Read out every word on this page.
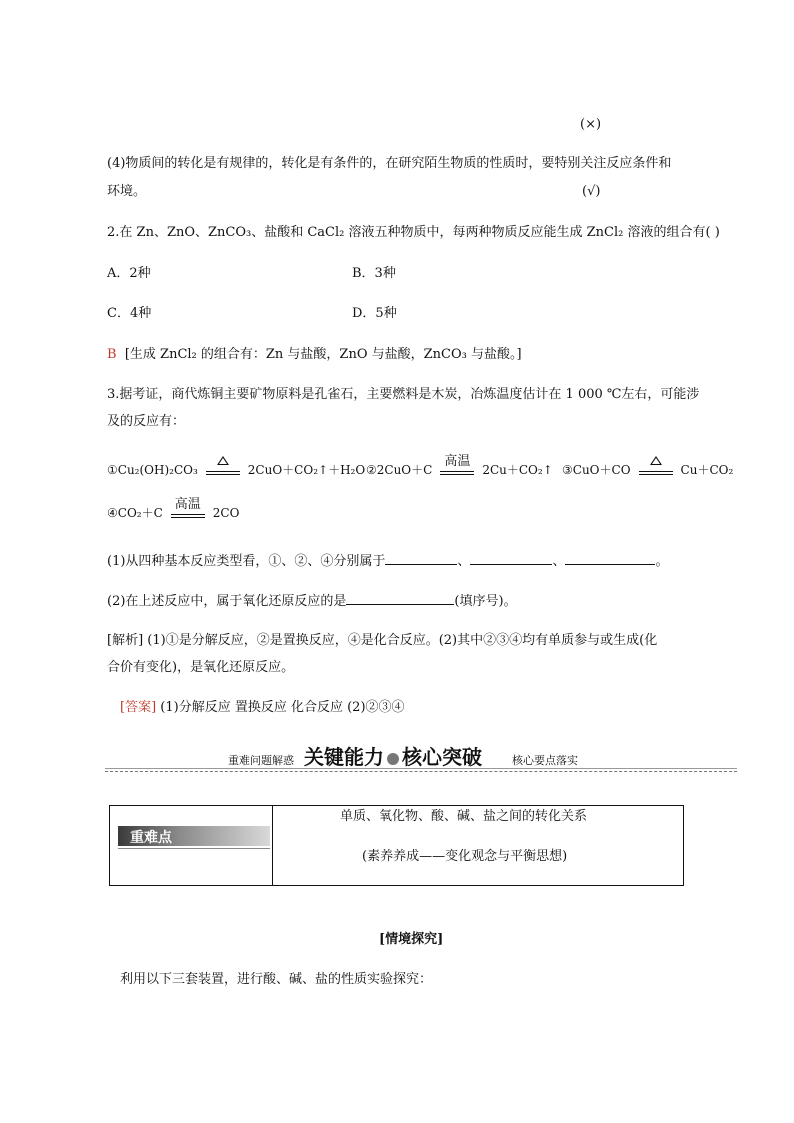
(×)
(4)物质间的转化是有规律的，转化是有条件的，在研究陌生物质的性质时，要特别关注反应条件和
环境。	(√)
2.在 Zn、ZnO、ZnCO₃、盐酸和 CaCl₂ 溶液五种物质中，每两种物质反应能生成 ZnCl₂ 溶液的组合有( )
A．2种	B．3种
C．4种	D．5种
B [生成 ZnCl₂ 的组合有：Zn 与盐酸，ZnO 与盐酸，ZnCO₃ 与盐酸。]
3.据考证，商代炼铜主要矿物原料是孔雀石，主要燃料是木炭，冶炼温度估计在 1 000 ℃左右，可能涉
及的反应有：
①Cu₂(OH)₂CO₃	2CuO＋CO₂↑＋H₂O ②2CuO＋C
高温
2Cu＋CO₂↑ ③CuO＋CO	Cu＋CO₂
④CO₂＋C
高温
2CO
(1)从四种基本反应类型看，①、②、④分别属于	、	、	。
(2)在上述反应中，属于氧化还原反应的是	(填序号)。
[解析] (1)①是分解反应，②是置换反应，④是化合反应。(2)其中②③④均有单质参与或生成(化
合价有变化)，是氧化还原反应。
[答案] (1)分解反应 置换反应 化合反应 (2)②③④
重难问题解惑 关键能力 核心突破	核心要点落实
重难点
单质、氧化物、酸、碱、盐之间的转化关系
(素养养成——变化观念与平衡思想)
[情境探究]
利用以下三套装置，进行酸、碱、盐的性质实验探究：
